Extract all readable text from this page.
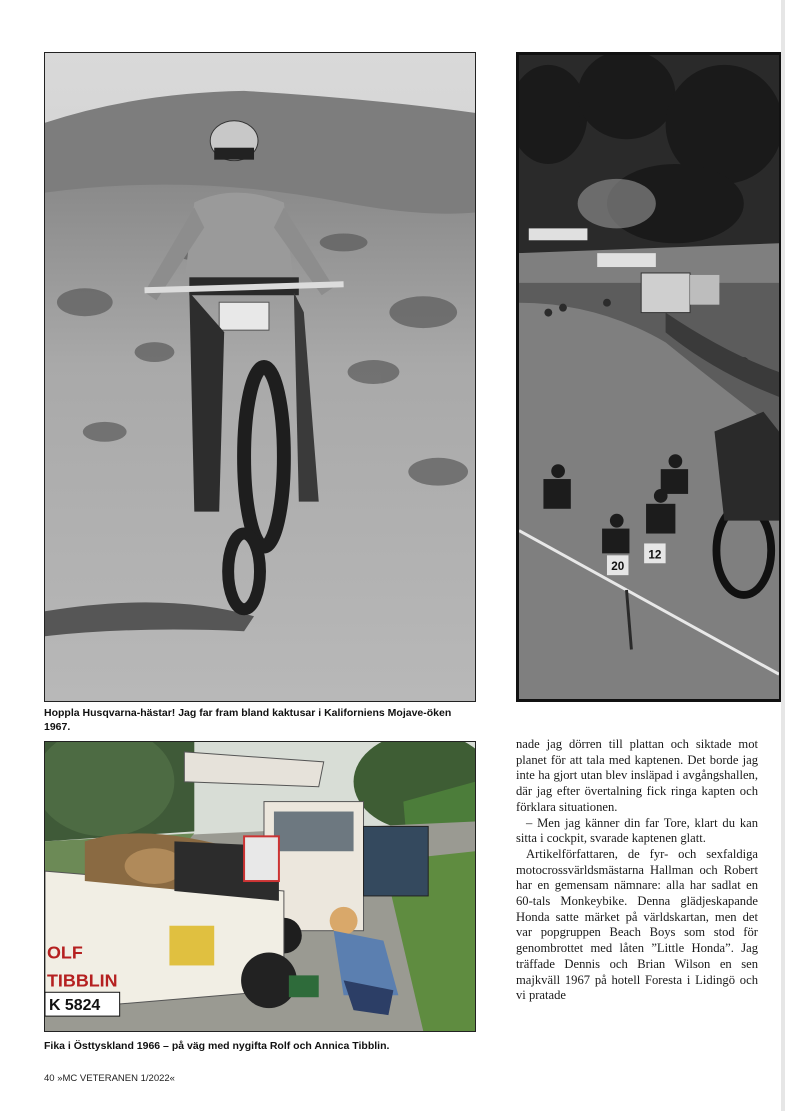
20
12
Hoppla Husqvarna-hästar! Jag far fram bland kaktusar i Kaliforniens Mojave-öken 1967.
OLF
TIBBLIN
K 5824
Fika i Östtyskland 1966 – på väg med nygifta Rolf och Annica Tibblin.

nade jag dörren till plattan och siktade mot planet för att tala med kaptenen. Det borde jag inte ha gjort utan blev insläpad i avgångshallen, där jag efter övertalning fick ringa kapten och förklara situationen.

– Men jag känner din far Tore, klart du kan sitta i cockpit, svarade kaptenen glatt.

Artikelförfattaren, de fyr- och sexfaldiga motocrossvärldsmästarna Hallman och Robert har en gemensam nämnare: alla har sadlat en 60-tals Monkeybike. Denna glädjeskapande Honda satte märket på världskartan, men det var popgruppen Beach Boys som stod för genombrottet med låten ”Little Honda”. Jag träffade Dennis och Brian Wilson en sen majkväll 1967 på hotell Foresta i Lidingö och vi pratade

40 »MC VETERANEN 1/2022«
